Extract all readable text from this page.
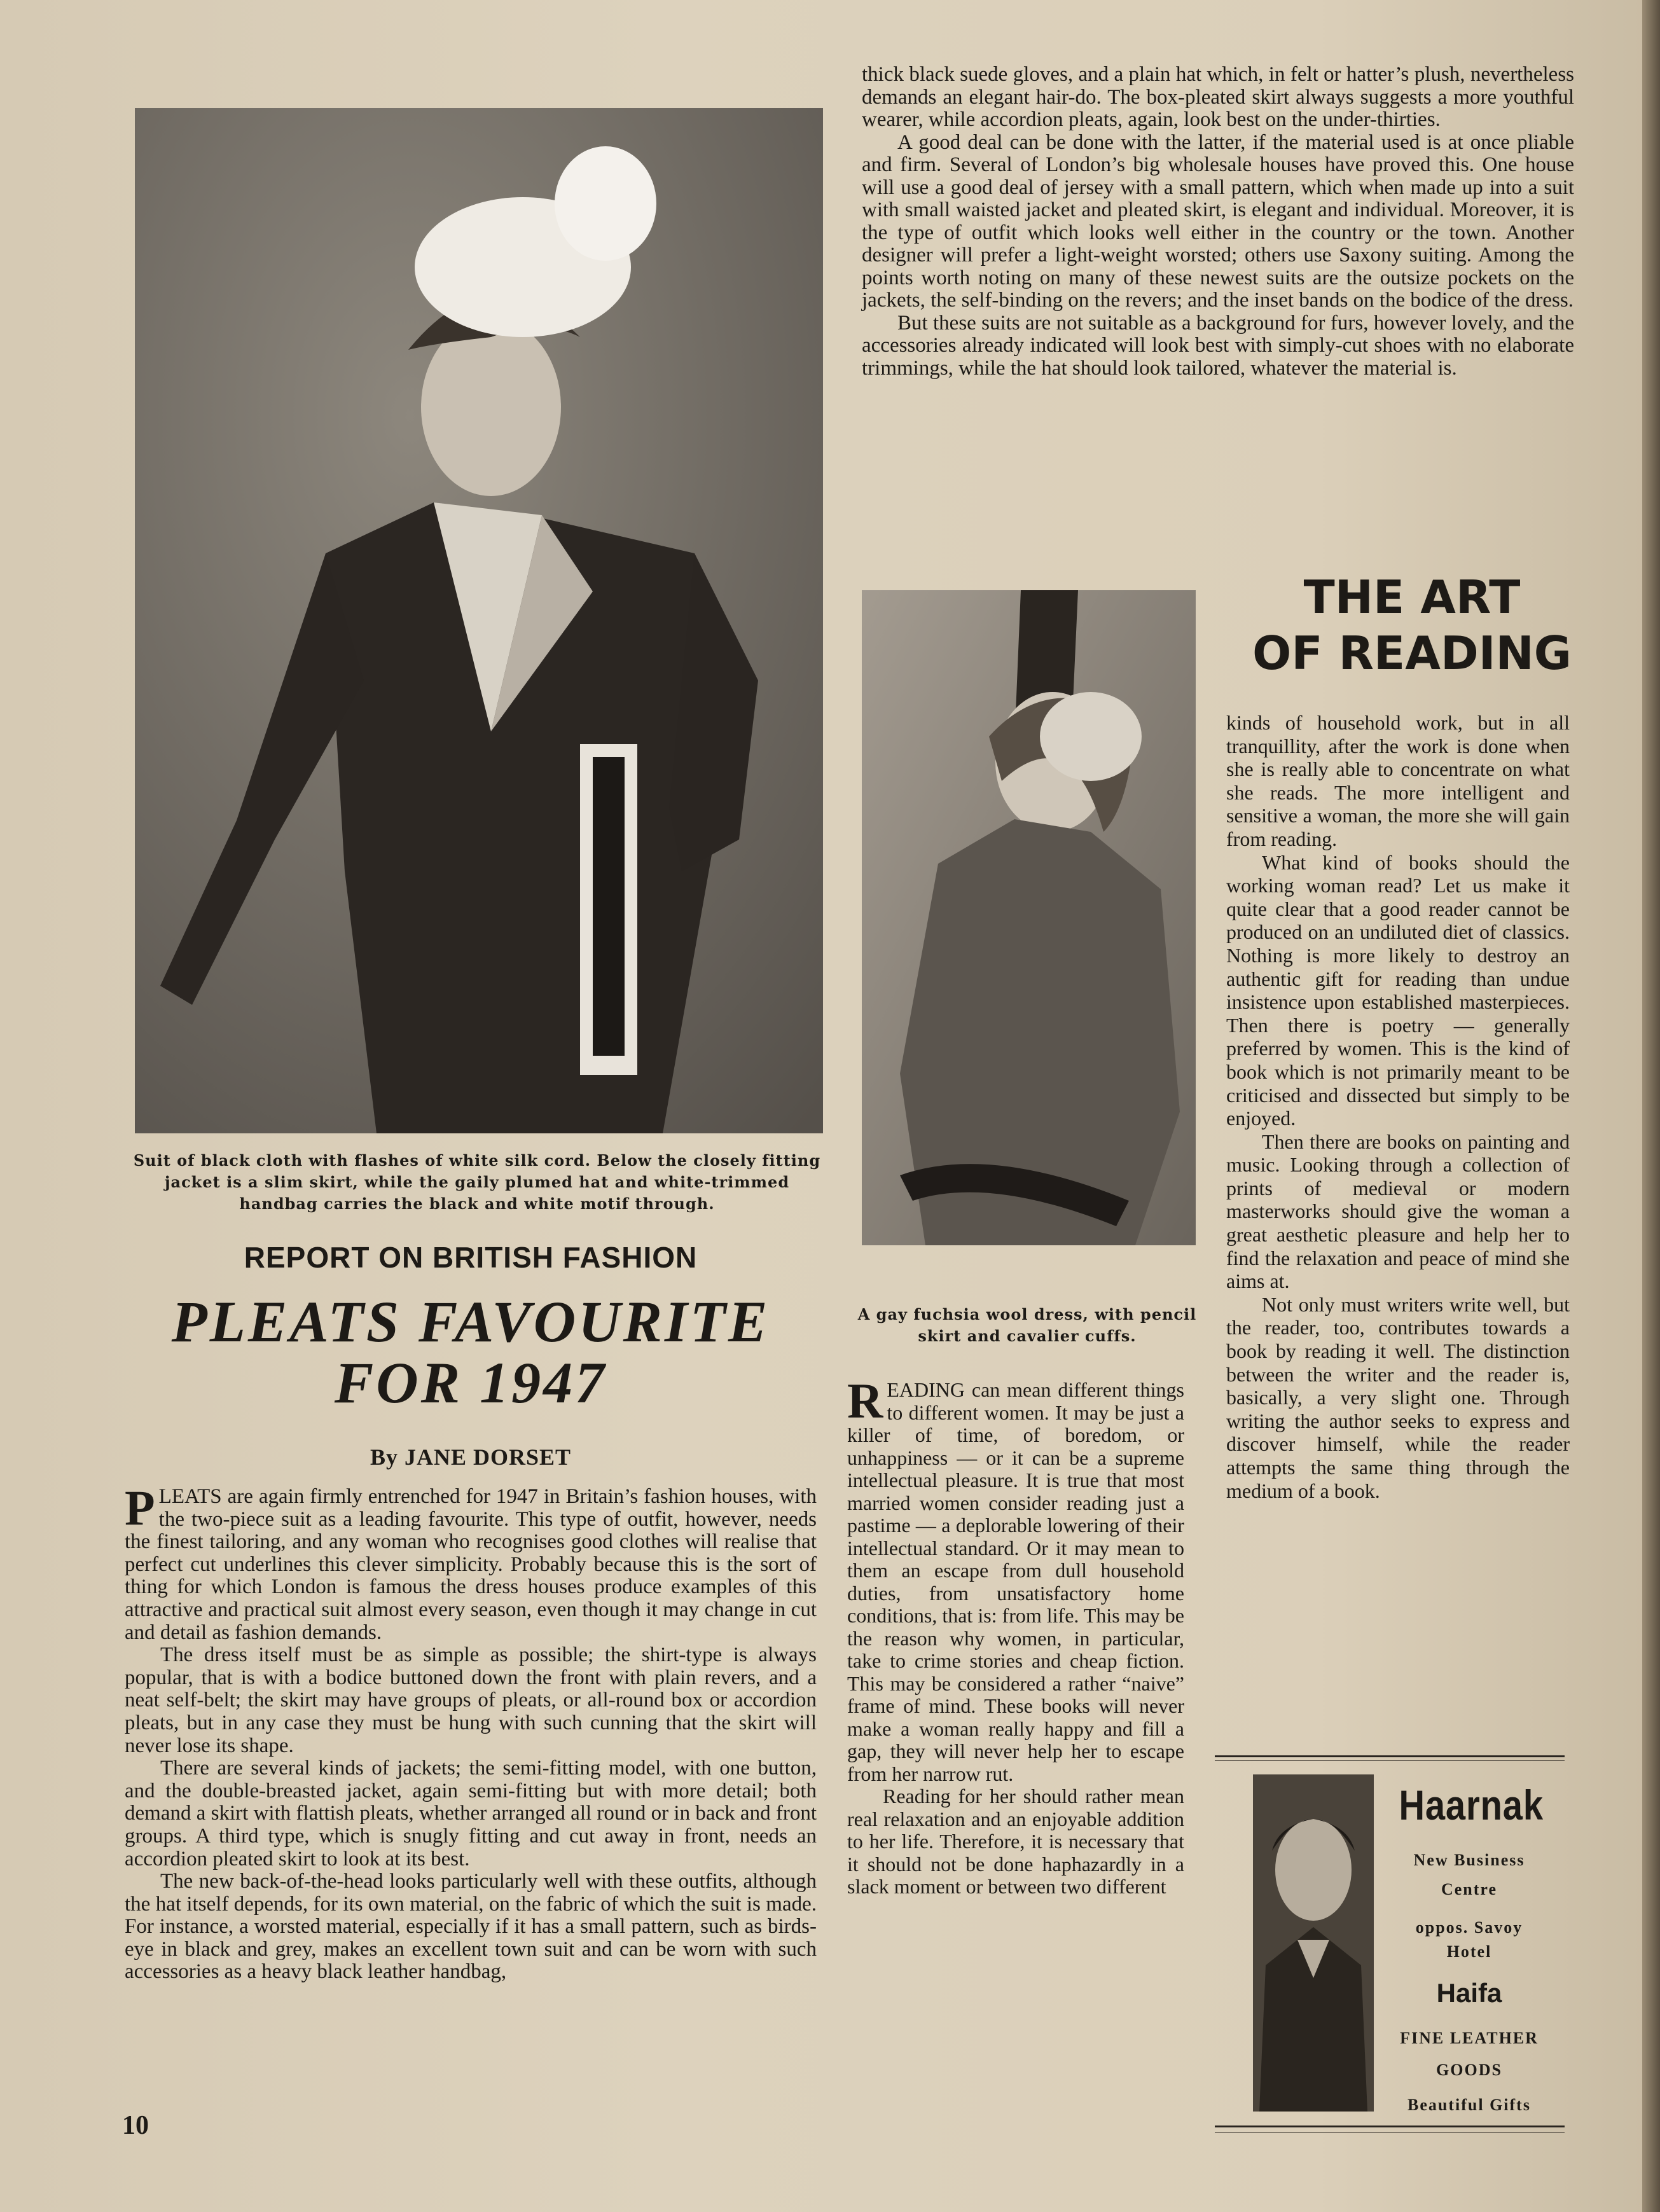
thick black suede gloves, and a plain hat which, in felt or hatter’s plush, nevertheless demands an elegant hair-do. The box-pleated skirt always suggests a more youthful wearer, while accordion pleats, again, look best on the under-thirties.

A good deal can be done with the latter, if the material used is at once pliable and firm. Several of London’s big wholesale houses have proved this. One house will use a good deal of jersey with a small pattern, which when made up into a suit with small waisted jacket and pleated skirt, is elegant and individual. Moreover, it is the type of outfit which looks well either in the country or the town. Another designer will prefer a light-weight worsted; others use Saxony suiting. Among the points worth noting on many of these newest suits are the outsize pockets on the jackets, the self-binding on the revers; and the inset bands on the bodice of the dress.

But these suits are not suitable as a background for furs, however lovely, and the accessories already indicated will look best with simply-cut shoes with no elaborate trimmings, while the hat should look tailored, whatever the material is.

Suit of black cloth with flashes of white silk cord. Below the closely fitting jacket is a slim skirt, while the gaily plumed hat and white-trimmed handbag carries the black and white motif through.
A gay fuchsia wool dress, with pencil skirt and cavalier cuffs.
THE ART
OF READING

kinds of household work, but in all tranquillity, after the work is done when she is really able to concentrate on what she reads. The more intelligent and sensitive a woman, the more she will gain from reading.

What kind of books should the working woman read? Let us make it quite clear that a good reader cannot be produced on an undiluted diet of classics. Nothing is more likely to destroy an authentic gift for reading than undue insistence upon established masterpieces. Then there is poetry — generally preferred by women. This is the kind of book which is not primarily meant to be criticised and dissected but simply to be enjoyed.

Then there are books on painting and music. Looking through a collection of prints of medieval or modern masterworks should give the woman a great aesthetic pleasure and help her to find the relaxation and peace of mind she aims at.

Not only must writers write well, but the reader, too, contributes towards a book by reading it well. The distinction between the writer and the reader is, basically, a very slight one. Through writing the author seeks to express and discover himself, while the reader attempts the same thing through the medium of a book.

READING can mean different things to different women. It may be just a killer of time, of boredom, or unhappiness — or it can be a supreme intellectual pleasure. It is true that most married women consider reading just a pastime — a deplorable lowering of their intellectual standard. Or it may mean to them an escape from dull household duties, from unsatisfactory home conditions, that is: from life. This may be the reason why women, in particular, take to crime stories and cheap fiction. This may be considered a rather “naive” frame of mind. These books will never make a woman really happy and fill a gap, they will never help her to escape from her narrow rut.

Reading for her should rather mean real relaxation and an enjoyable addition to her life. Therefore, it is necessary that it should not be done haphazardly in a slack moment or between two different

REPORT ON BRITISH FASHION
PLEATS FAVOURITE
FOR 1947
By JANE DORSET

PLEATS are again firmly entrenched for 1947 in Britain’s fashion houses, with the two-piece suit as a leading favourite. This type of outfit, however, needs the finest tailoring, and any woman who recognises good clothes will realise that perfect cut underlines this clever simplicity. Probably because this is the sort of thing for which London is famous the dress houses produce examples of this attractive and practical suit almost every season, even though it may change in cut and detail as fashion demands.

The dress itself must be as simple as possible; the shirt-type is always popular, that is with a bodice buttoned down the front with plain revers, and a neat self-belt; the skirt may have groups of pleats, or all-round box or accordion pleats, but in any case they must be hung with such cunning that the skirt will never lose its shape.

There are several kinds of jackets; the semi-fitting model, with one button, and the double-breasted jacket, again semi-fitting but with more detail; both demand a skirt with flattish pleats, whether arranged all round or in back and front groups. A third type, which is snugly fitting and cut away in front, needs an accordion pleated skirt to look at its best.

The new back-of-the-head looks particularly well with these outfits, although the hat itself depends, for its own material, on the fabric of which the suit is made. For instance, a worsted material, especially if it has a small pattern, such as birds-eye in black and grey, makes an excellent town suit and can be worn with such accessories as a heavy black leather handbag,

Haarnak
New Business
Centre
oppos. Savoy
Hotel
Haifa
FINE LEATHER
GOODS
Beautiful Gifts
10
